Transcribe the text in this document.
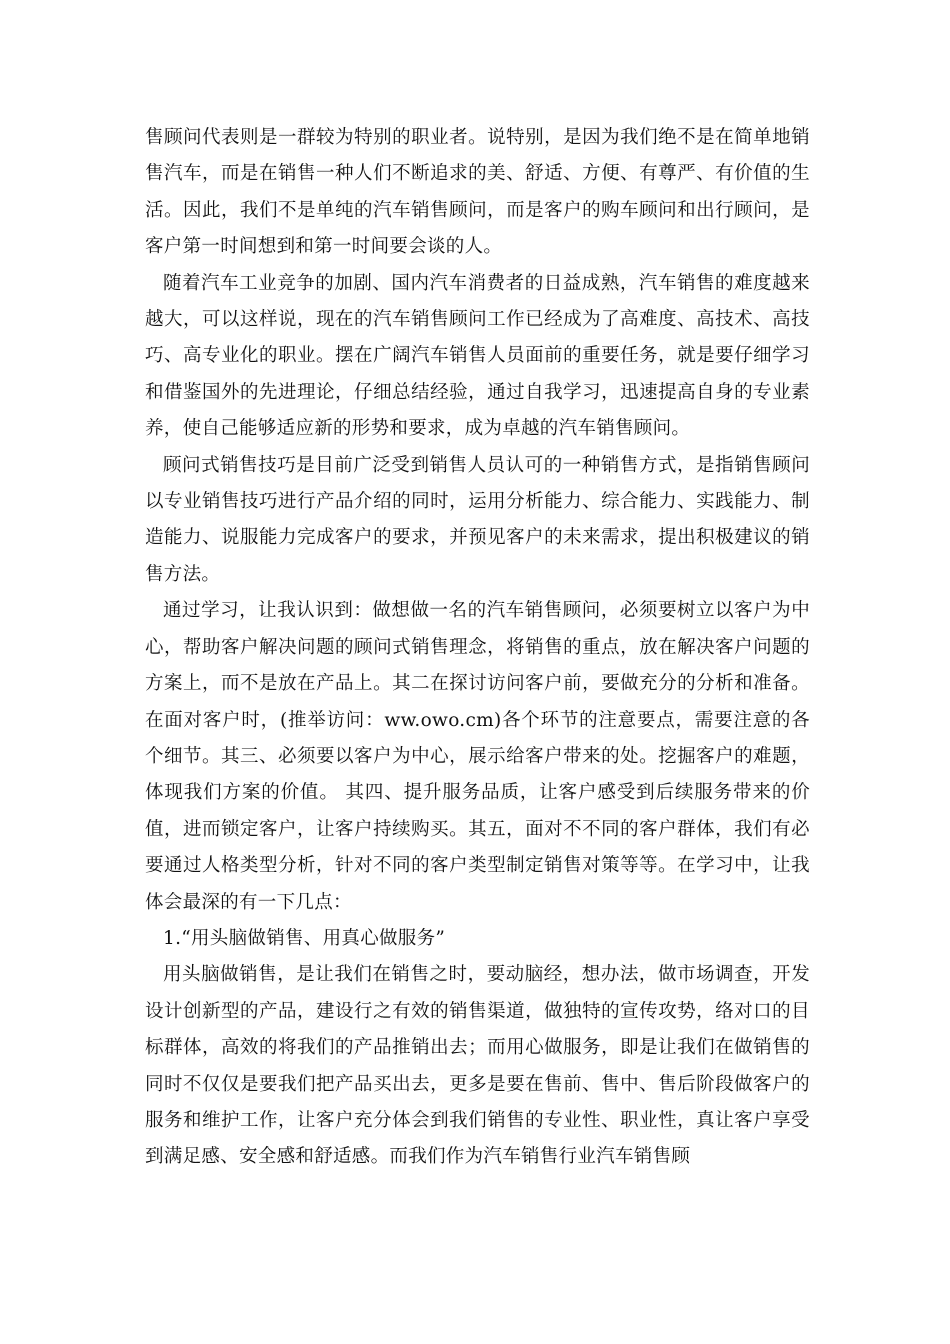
售顾问代表则是一群较为特别的职业者。说特别，是因为我们绝不是在简单地销售汽车，而是在销售一种人们不断追求的美、舒适、方便、有尊严、有价值的生活。因此，我们不是单纯的汽车销售顾问，而是客户的购车顾问和出行顾问，是客户第一时间想到和第一时间要会谈的人。

随着汽车工业竞争的加剧、国内汽车消费者的日益成熟，汽车销售的难度越来越大，可以这样说，现在的汽车销售顾问工作已经成为了高难度、高技术、高技巧、高专业化的职业。摆在广阔汽车销售人员面前的重要任务，就是要仔细学习和借鉴国外的先进理论，仔细总结经验，通过自我学习，迅速提高自身的专业素养，使自己能够适应新的形势和要求，成为卓越的汽车销售顾问。

顾问式销售技巧是目前广泛受到销售人员认可的一种销售方式，是指销售顾问以专业销售技巧进行产品介绍的同时，运用分析能力、综合能力、实践能力、制造能力、说服能力完成客户的要求，并预见客户的未来需求，提出积极建议的销售方法。

通过学习，让我认识到：做想做一名的汽车销售顾问，必须要树立以客户为中心，帮助客户解决问题的顾问式销售理念，将销售的重点，放在解决客户问题的方案上，而不是放在产品上。其二在探讨访问客户前，要做充分的分析和准备。在面对客户时，(推举访问：ww.owo.cm)各个环节的注意要点，需要注意的各个细节。其三、必须要以客户为中心，展示给客户带来的处。挖掘客户的难题，体现我们方案的价值。 其四、提升服务品质，让客户感受到后续服务带来的价值，进而锁定客户，让客户持续购买。其五，面对不不同的客户群体，我们有必要通过人格类型分析，针对不同的客户类型制定销售对策等等。在学习中，让我体会最深的有一下几点：

1.“用头脑做销售、用真心做服务”

用头脑做销售，是让我们在销售之时，要动脑经，想办法，做市场调查，开发设计创新型的产品，建设行之有效的销售渠道，做独特的宣传攻势，络对口的目标群体，高效的将我们的产品推销出去；而用心做服务，即是让我们在做销售的同时不仅仅是要我们把产品买出去，更多是要在售前、售中、售后阶段做客户的服务和维护工作，让客户充分体会到我们销售的专业性、职业性，真让客户享受到满足感、安全感和舒适感。而我们作为汽车销售行业汽车销售顾
